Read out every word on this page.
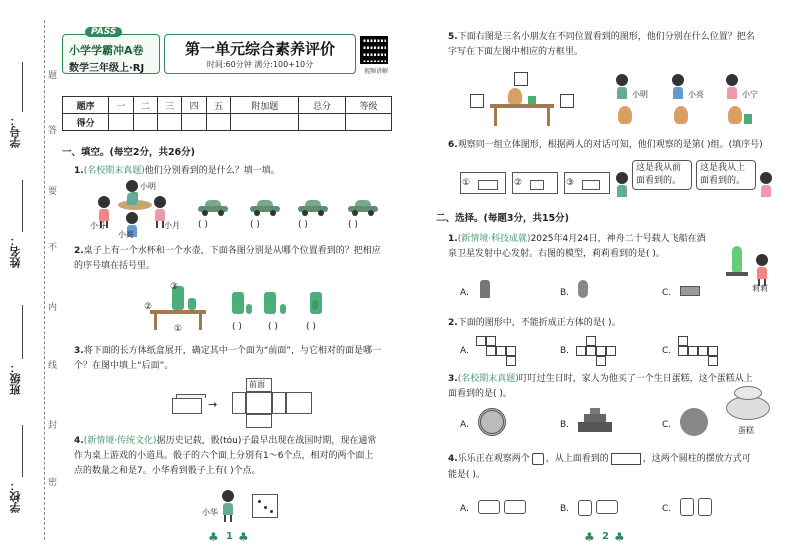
学号：
姓名：
班级：
学校：
题
答
要
不
内
线
封
密
PASS
小学学霸冲A卷
数学三年级上·RJ
第一单元综合素养评价
时间:60分钟 满分:100+10分
视频讲解
题序	一	二	三	四	五	附加题	总分	等级
得分								
一、填空。(每空2分，共26分)
1.(名校期末真题)他们分别看到的是什么？填一填。
小明
小芬
小亮
小月 ( )	( )	( )	( )
2.桌子上有一个水杯和一个水壶，下面各图分别是从哪个位置看到的？把相应
的序号填在括号里。
③
②
①	( )	( )	( )
3.将下面的长方体纸盒展开，确定其中一个面为“前面”，与它相对的面是哪一
个？在图中填上“后面”。
→
前面
4.(新情境·传统文化)据历史记载，骰(tóu)子最早出现在战国时期，现在通常
作为桌上游戏的小道具。骰子的六个面上分别有1～6个点，相对的两个面上
点的数量之和是7。小华看到骰子上有( )个点。
小华
♣ 1 ♣
5.下面右图是三名小朋友在不同位置看到的图形，他们分别在什么位置？把名
字写在下面左图中相应的方框里。
小明	小亮	小宁
6.观察同一组立体图形，根据两人的对话可知，他们观察的是第( )组。(填序号)
①	②	③
这是我从前面看到的。
这是我从上面看到的。
二、选择。(每题3分，共15分)
1.(新情境·科技成就)2025年4月24日，神舟二十号载人飞船在酒
泉卫星发射中心发射。右图的模型，莉莉看到的是( )。
莉莉
A.	B.	C.
2.下面的图形中，不能折成正方体的是( )。
A.	B.	C.
3.(名校期末真题)叮叮过生日时，家人为他买了一个生日蛋糕，这个蛋糕从上
面看到的是( )。
A.	B.	C.
蛋糕
4.乐乐正在观察两个 ，从上面看到的	，这两个圆柱的摆放方式可
能是( )。
A.	B.	C.
♣ 2 ♣
